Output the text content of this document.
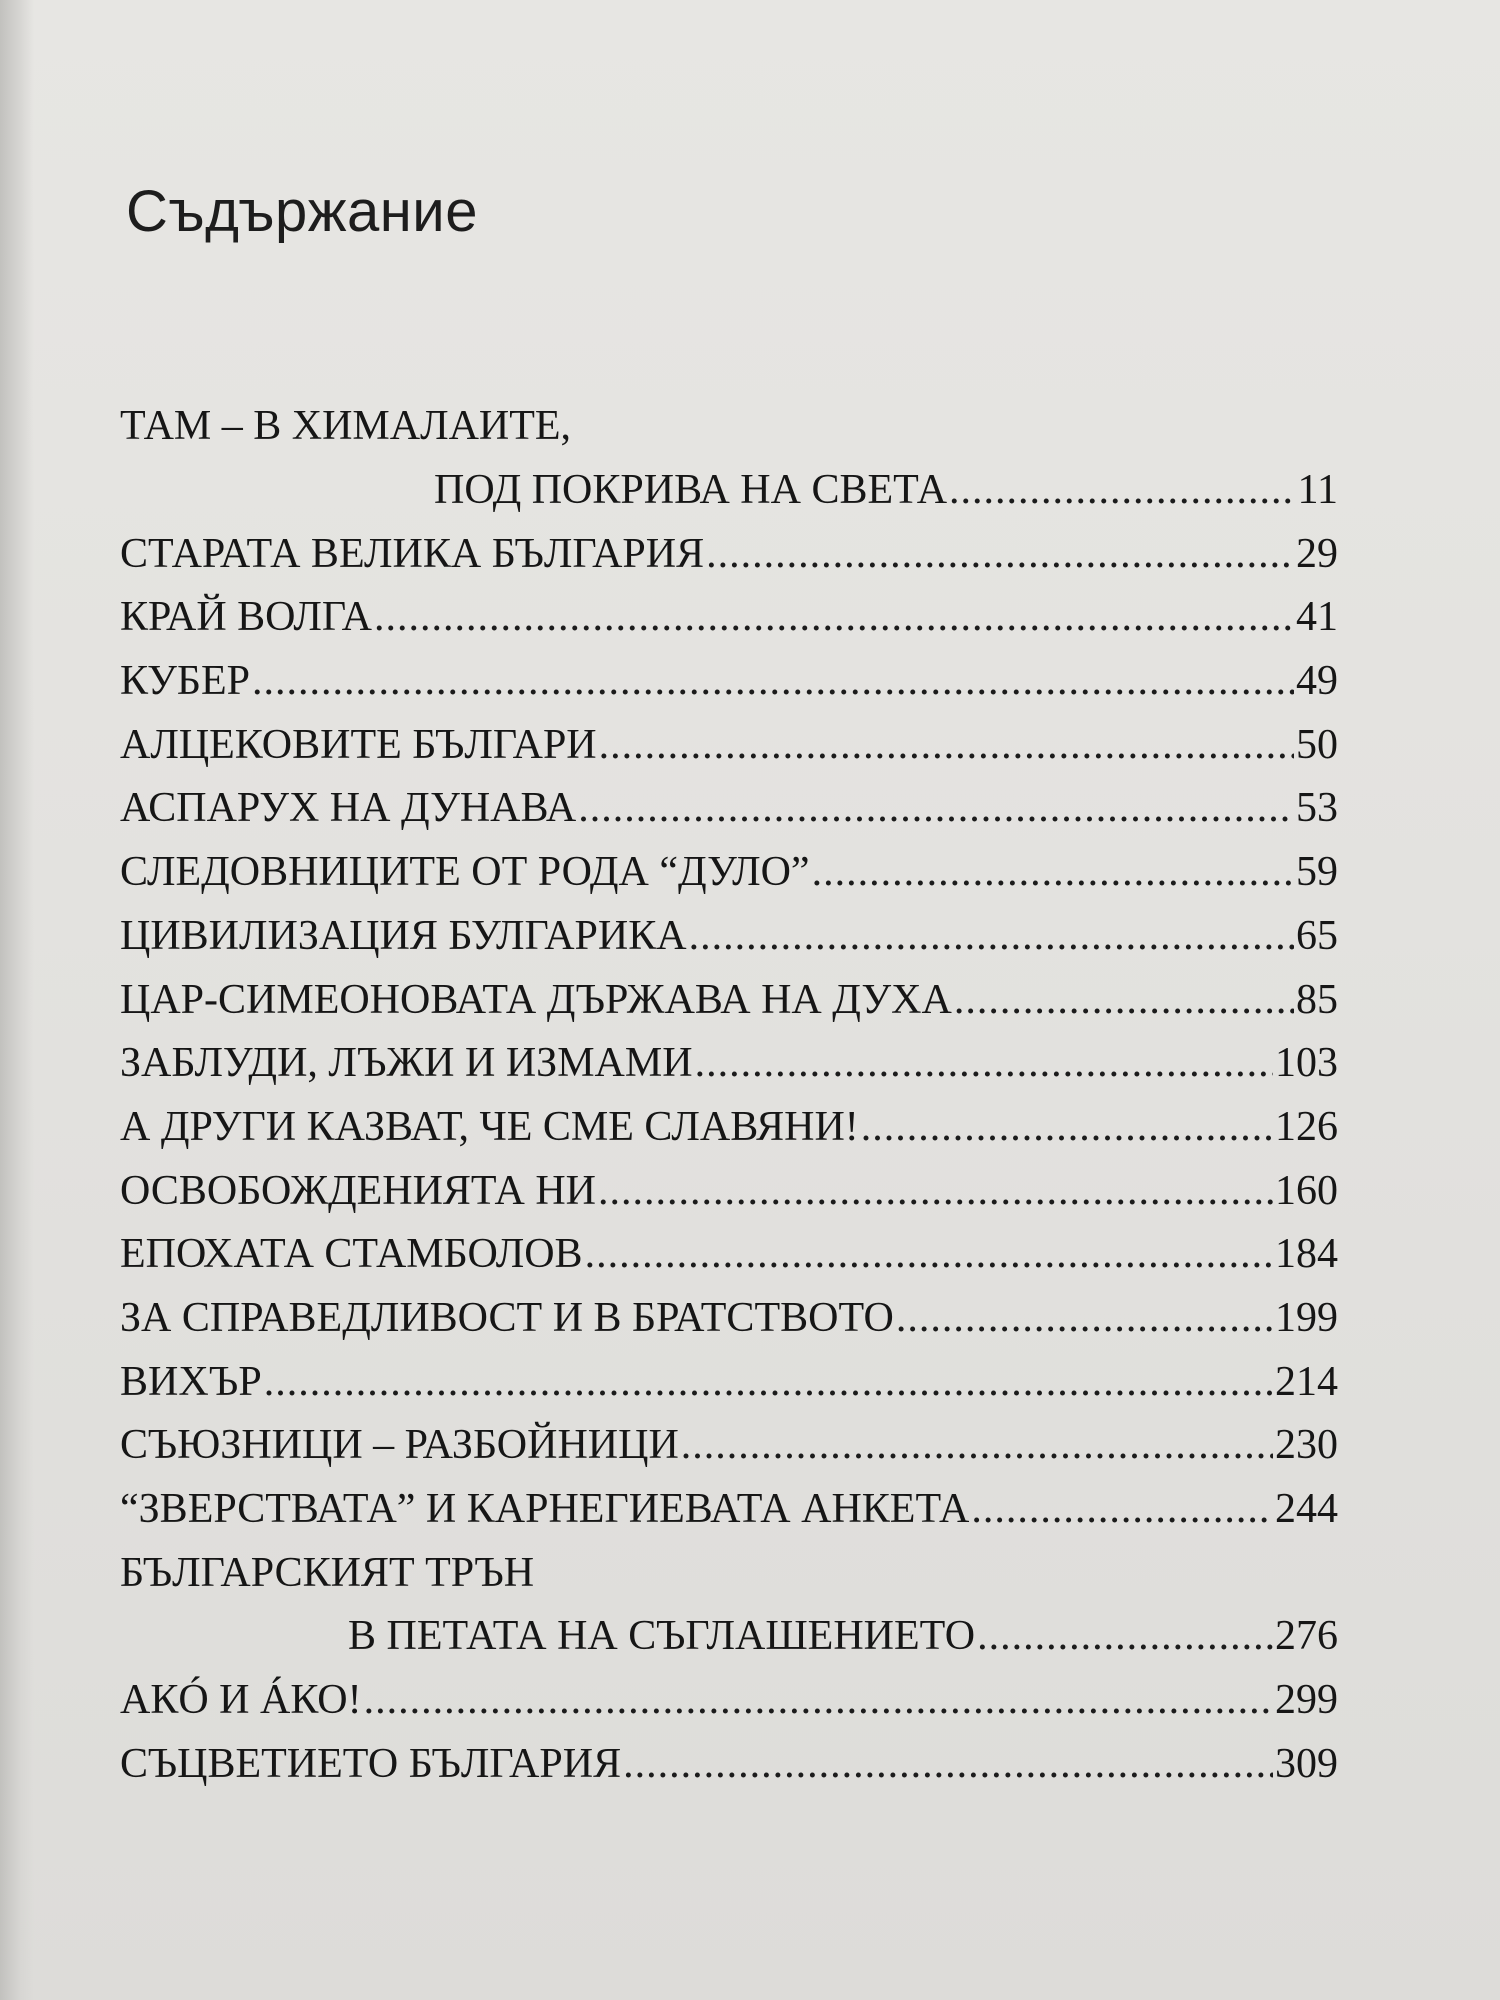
Съдържание
ТАМ – В ХИМАЛАИТЕ,
ПОД ПОКРИВА НА СВЕТА .....	11
СТАРАТА ВЕЛИКА БЪЛГАРИЯ .....	29
КРАЙ ВОЛГА .....	41
КУБЕР .....	49
АЛЦЕКОВИТЕ БЪЛГАРИ .....	50
АСПАРУХ НА ДУНАВА .....	53
СЛЕДОВНИЦИТЕ ОТ РОДА “ДУЛО” .....	59
ЦИВИЛИЗАЦИЯ БУЛГАРИКА .....	65
ЦАР-СИМЕОНОВАТА ДЪРЖАВА НА ДУХА .....	85
ЗАБЛУДИ, ЛЪЖИ И ИЗМАМИ .....	103
А ДРУГИ КАЗВАТ, ЧЕ СМЕ СЛАВЯНИ! .....	126
ОСВОБОЖДЕНИЯТА НИ .....	160
ЕПОХАТА СТАМБОЛОВ .....	184
ЗА СПРАВЕДЛИВОСТ И В БРАТСТВОТО .....	199
ВИХЪР .....	214
СЪЮЗНИЦИ – РАЗБОЙНИЦИ .....	230
“ЗВЕРСТВАТА” И КАРНЕГИЕВАТА АНКЕТА .....	244
БЪЛГАРСКИЯТ ТРЪН
В ПЕТАТА НА СЪГЛАШЕНИЕТО .....	276
АКÓ И ÁКО! .....	299
СЪЦВЕТИЕТО БЪЛГАРИЯ .....	309
